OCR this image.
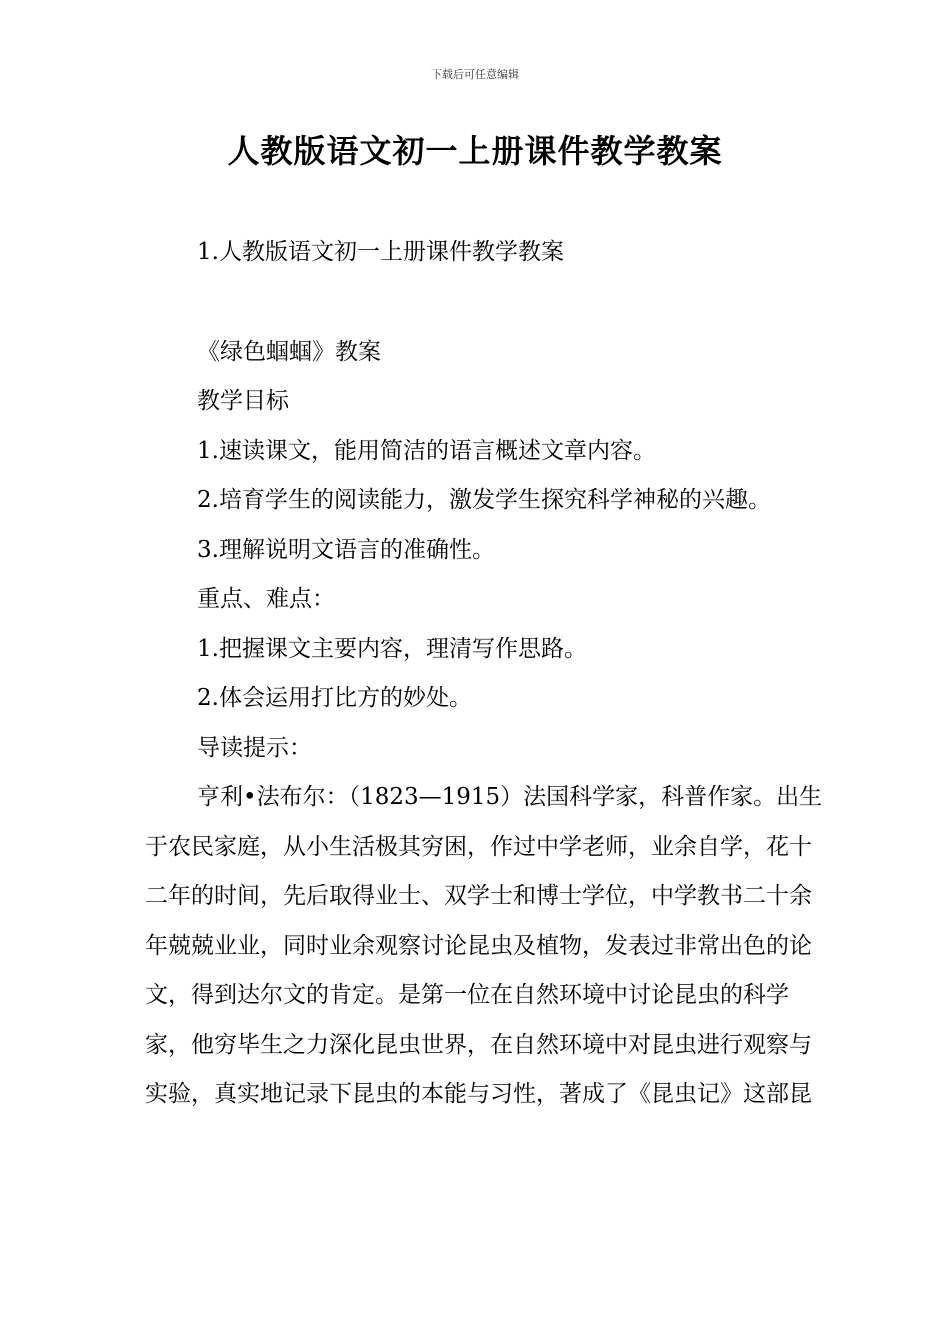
下载后可任意编辑
人教版语文初一上册课件教学教案

1.人教版语文初一上册课件教学教案

《绿色蝈蝈》教案

教学目标

1.速读课文，能用简洁的语言概述文章内容。

2.培育学生的阅读能力，激发学生探究科学神秘的兴趣。

3.理解说明文语言的准确性。

重点、难点：

1.把握课文主要内容，理清写作思路。

2.体会运用打比方的妙处。

导读提示：

亨利•法布尔：（1823—1915）法国科学家，科普作家。出生于农民家庭，从小生活极其穷困，作过中学老师，业余自学，花十二年的时间，先后取得业士、双学士和博士学位，中学教书二十余年兢兢业业，同时业余观察讨论昆虫及植物，发表过非常出色的论文，得到达尔文的肯定。是第一位在自然环境中讨论昆虫的科学家，他穷毕生之力深化昆虫世界，在自然环境中对昆虫进行观察与实验，真实地记录下昆虫的本能与习性，著成了《昆虫记》这部昆
